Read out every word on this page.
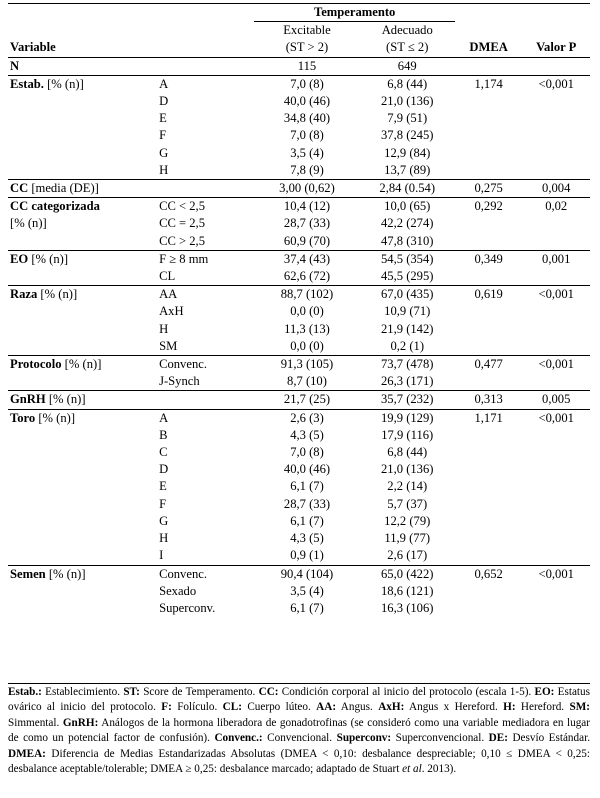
		Temperamento			
		Excitable	Adecuado		
Variable		(ST > 2)	(ST ≤ 2)	DMEA	Valor P
N		115	649		
Estab. [% (n)]	A	7,0 (8)	6,8 (44)	1,174	<0,001
	D	40,0 (46)	21,0 (136)		
	E	34,8 (40)	7,9 (51)		
	F	7,0 (8)	37,8 (245)		
	G	3,5 (4)	12,9 (84)		
	H	7,8 (9)	13,7 (89)		
CC [media (DE)]		3,00 (0,62)	2,84 (0.54)	0,275	0,004
CC categorizada	CC < 2,5	10,4 (12)	10,0 (65)	0,292	0,02
[% (n)]	CC = 2,5	28,7 (33)	42,2 (274)		
	CC > 2,5	60,9 (70)	47,8 (310)		
EO [% (n)]	F ≥ 8 mm	37,4 (43)	54,5 (354)	0,349	0,001
	CL	62,6 (72)	45,5 (295)		
Raza [% (n)]	AA	88,7 (102)	67,0 (435)	0,619	<0,001
	AxH	0,0 (0)	10,9 (71)		
	H	11,3 (13)	21,9 (142)		
	SM	0,0 (0)	0,2 (1)		
Protocolo [% (n)]	Convenc.	91,3 (105)	73,7 (478)	0,477	<0,001
	J-Synch	8,7 (10)	26,3 (171)		
GnRH [% (n)]		21,7 (25)	35,7 (232)	0,313	0,005
Toro [% (n)]	A	2,6 (3)	19,9 (129)	1,171	<0,001
	B	4,3 (5)	17,9 (116)		
	C	7,0 (8)	6,8 (44)		
	D	40,0 (46)	21,0 (136)		
	E	6,1 (7)	2,2 (14)		
	F	28,7 (33)	5,7 (37)		
	G	6,1 (7)	12,2 (79)		
	H	4,3 (5)	11,9 (77)		
	I	0,9 (1)	2,6 (17)		
Semen [% (n)]	Convenc.	90,4 (104)	65,0 (422)	0,652	<0,001
	Sexado	3,5 (4)	18,6 (121)		
	Superconv.	6,1 (7)	16,3 (106)		
Estab.: Establecimiento. ST: Score de Temperamento. CC: Condición corporal al inicio del protocolo (escala 1-5). EO: Estatus ovárico al inicio del protocolo. F: Folículo. CL: Cuerpo lúteo. AA: Angus. AxH: Angus x Hereford. H: Hereford. SM: Simmental. GnRH: Análogos de la hormona liberadora de gonadotrofinas (se consideró como una variable mediadora en lugar de como un potencial factor de confusión). Convenc.: Convencional. Superconv: Superconvencional. DE: Desvío Estándar. DMEA: Diferencia de Medias Estandarizadas Absolutas (DMEA < 0,10: desbalance despreciable; 0,10 ≤ DMEA < 0,25: desbalance aceptable/tolerable; DMEA ≥ 0,25: desbalance marcado; adaptado de Stuart et al. 2013).
